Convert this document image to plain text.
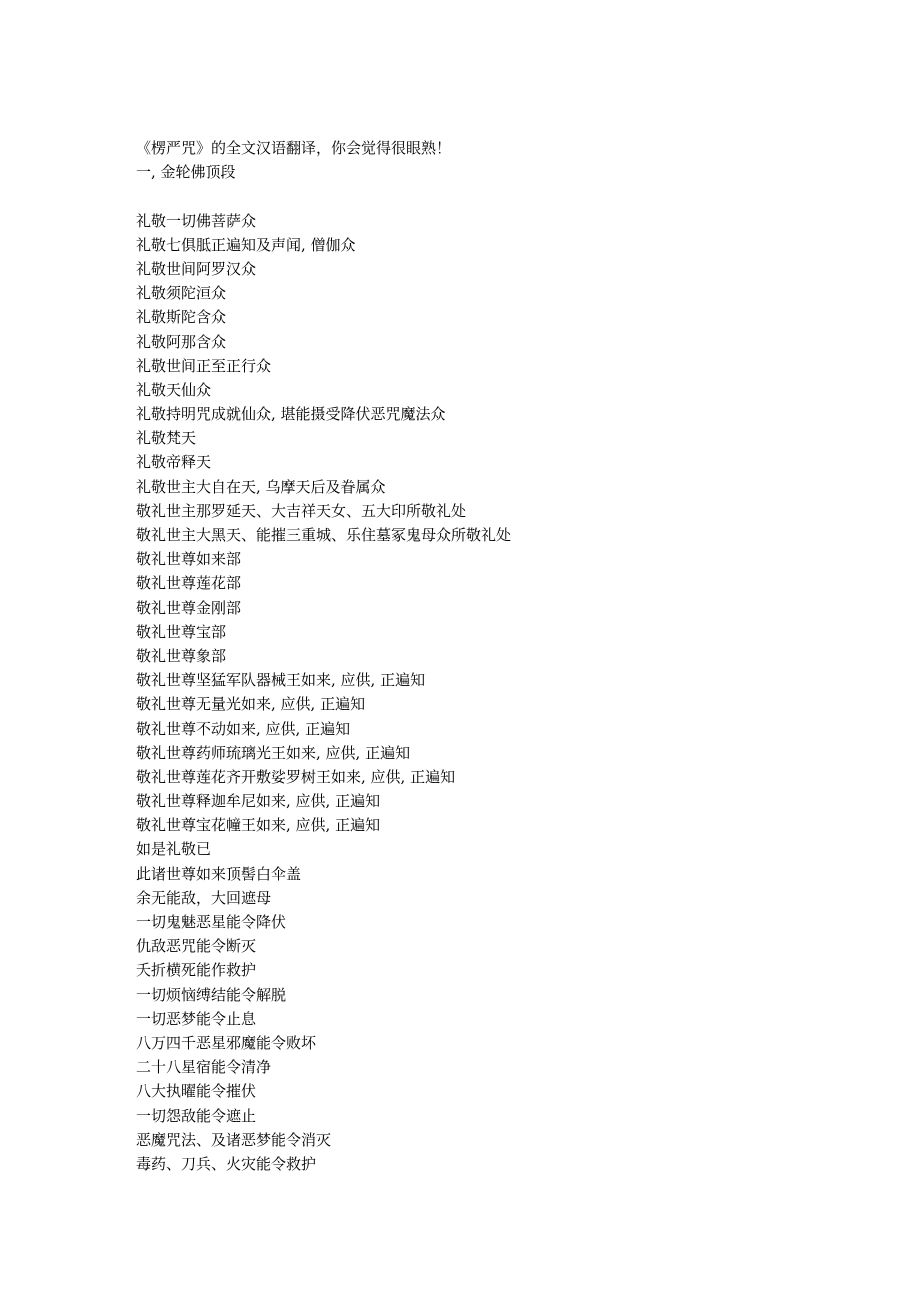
《楞严咒》的全文汉语翻译，你会觉得很眼熟！

一, 金轮佛顶段

礼敬一切佛菩萨众

礼敬七俱胝正遍知及声闻, 僧伽众

礼敬世间阿罗汉众

礼敬须陀洹众

礼敬斯陀含众

礼敬阿那含众

礼敬世间正至正行众

礼敬天仙众

礼敬持明咒成就仙众, 堪能摄受降伏恶咒魔法众

礼敬梵天

礼敬帝释天

礼敬世主大自在天, 乌摩天后及眷属众

敬礼世主那罗延天、大吉祥天女、五大印所敬礼处

敬礼世主大黑天、能摧三重城、乐住墓冢鬼母众所敬礼处

敬礼世尊如来部

敬礼世尊莲花部

敬礼世尊金刚部

敬礼世尊宝部

敬礼世尊象部

敬礼世尊坚猛军队器械王如来, 应供, 正遍知

敬礼世尊无量光如来, 应供, 正遍知

敬礼世尊不动如来, 应供, 正遍知

敬礼世尊药师琉璃光王如来, 应供, 正遍知

敬礼世尊莲花齐开敷娑罗树王如来, 应供, 正遍知

敬礼世尊释迦牟尼如来, 应供, 正遍知

敬礼世尊宝花幢王如来, 应供, 正遍知

如是礼敬已

此诸世尊如来顶髻白伞盖

余无能敌，大回遮母

一切鬼魅恶星能令降伏

仇敌恶咒能令断灭

夭折横死能作救护

一切烦恼缚结能令解脱

一切恶梦能令止息

八万四千恶星邪魔能令败坏

二十八星宿能令清净

八大执曜能令摧伏

一切怨敌能令遮止

恶魔咒法、及诸恶梦能令消灭

毒药、刀兵、火灾能令救护
